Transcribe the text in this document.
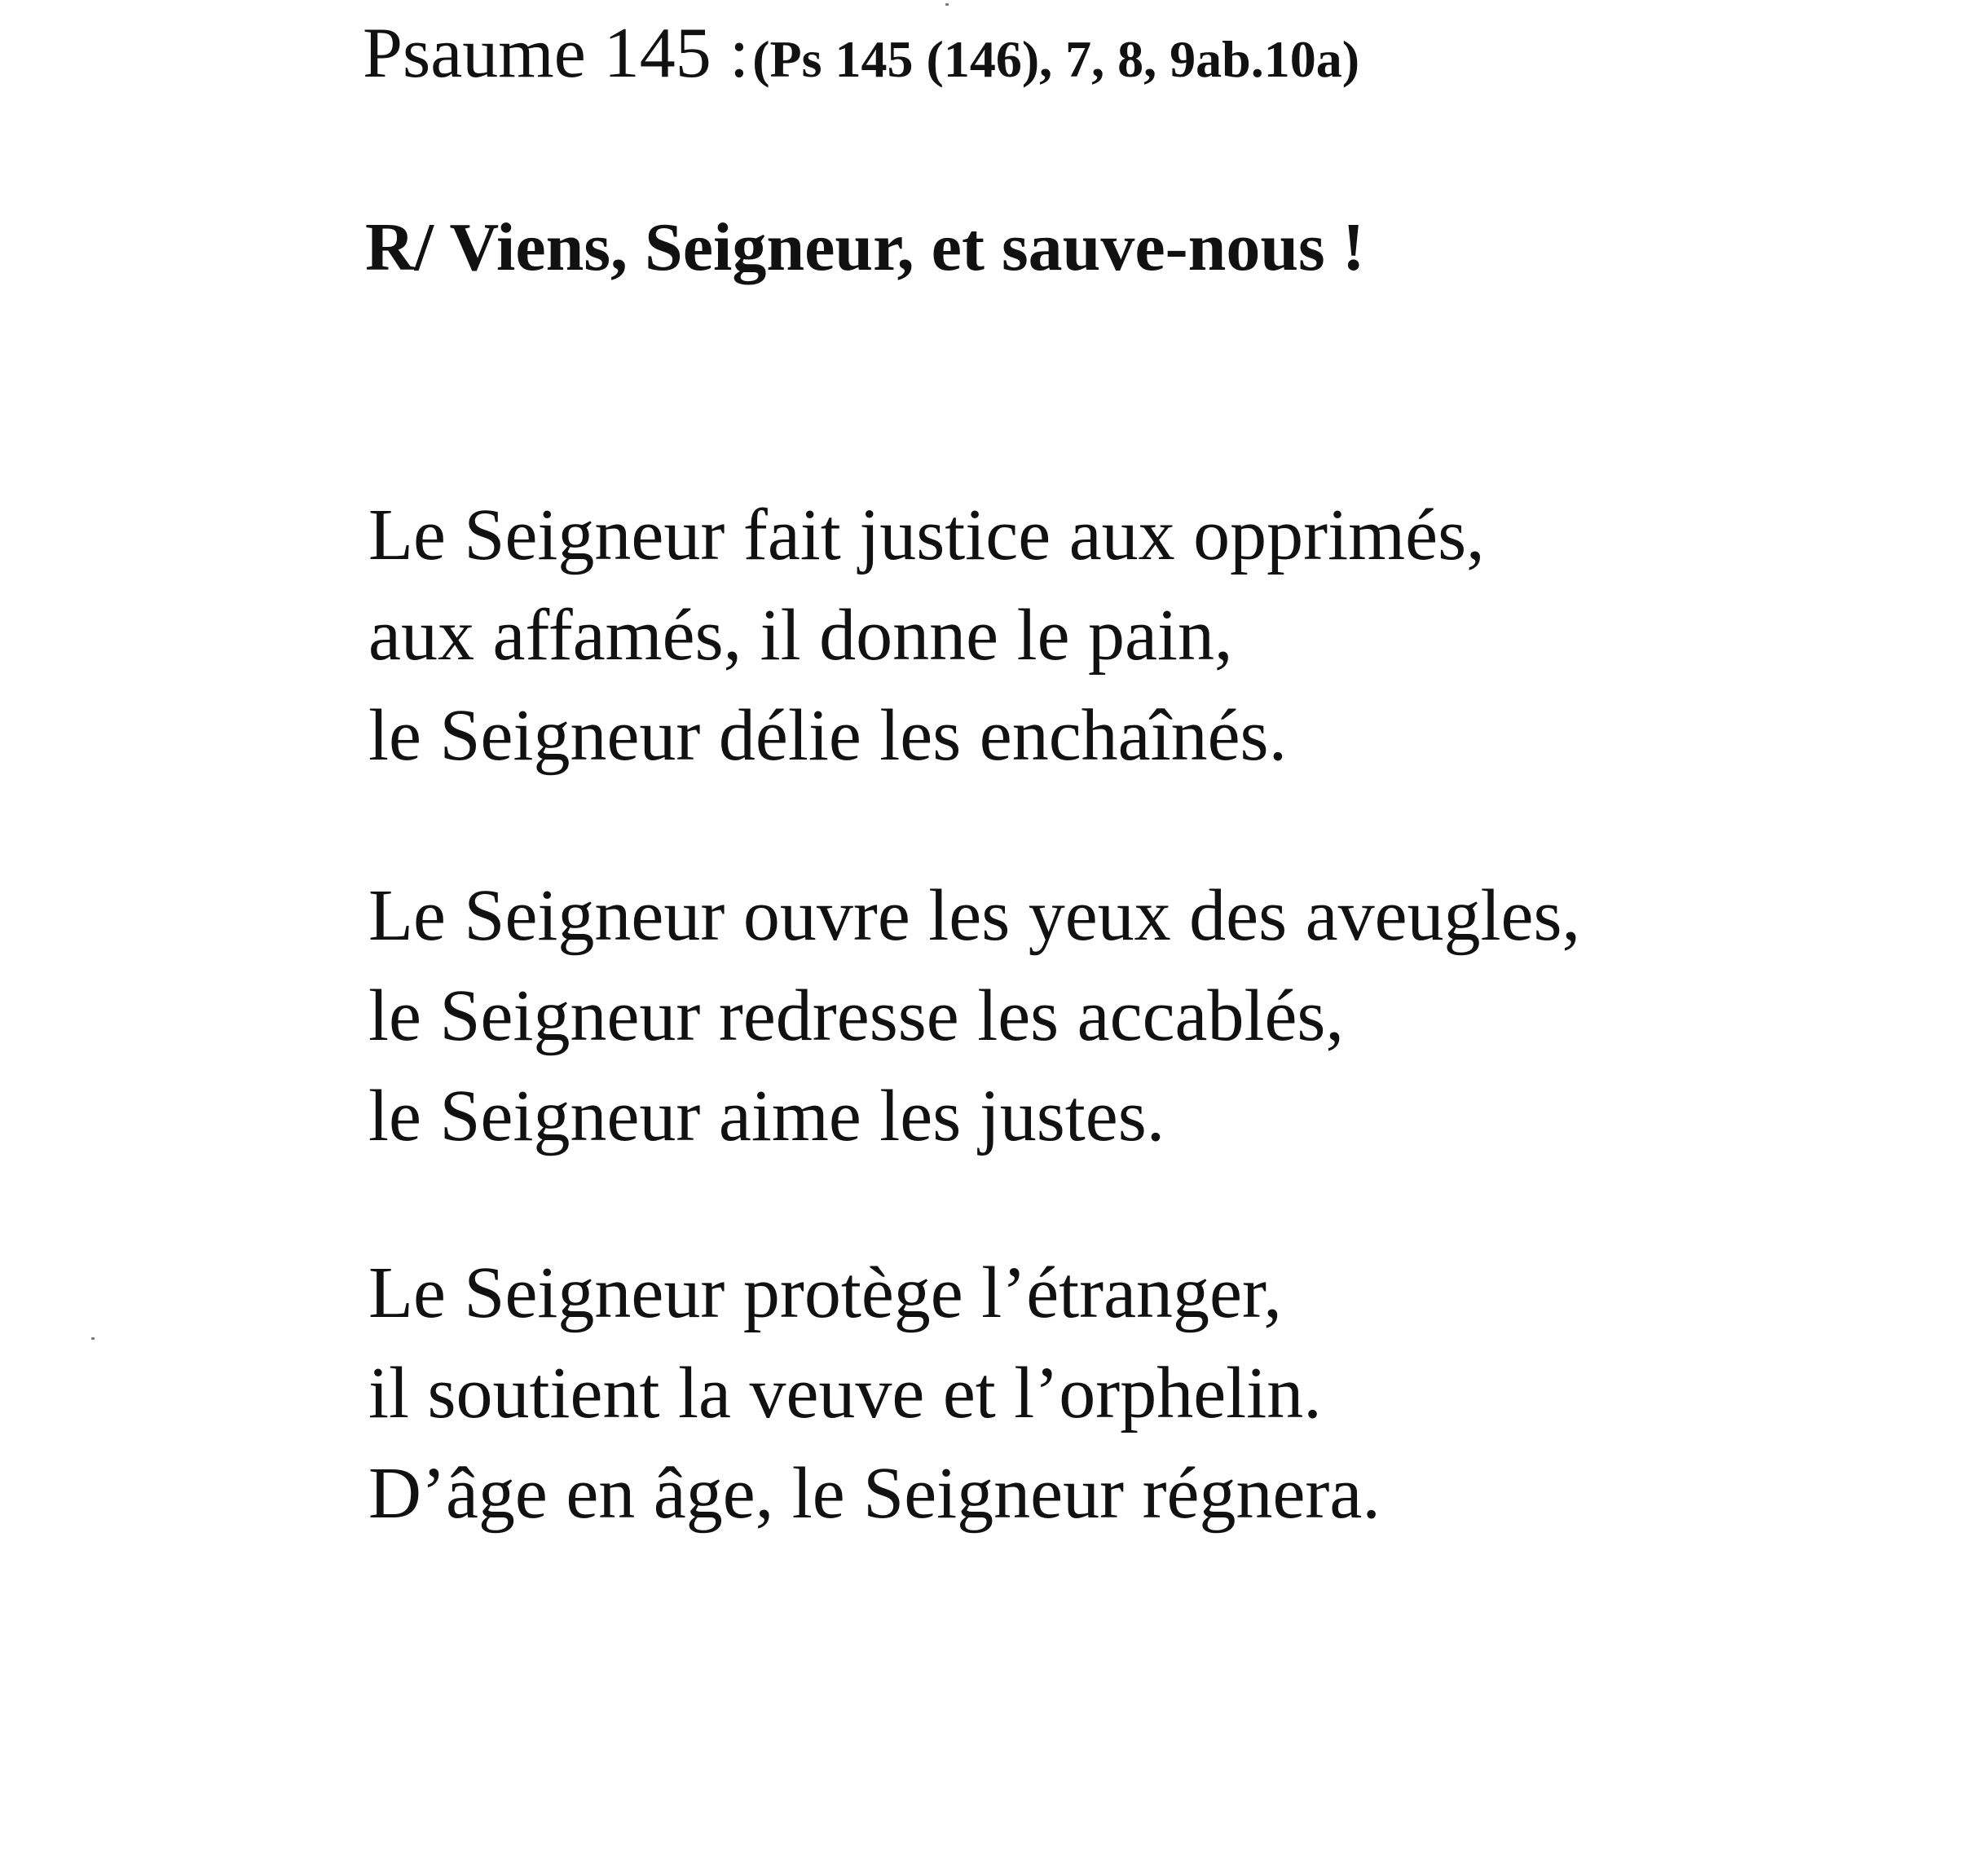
Psaume 145 : (Ps 145 (146), 7, 8, 9ab.10a)
R/ Viens, Seigneur, et sauve-nous !
Le Seigneur fait justice aux opprimés,
aux affamés, il donne le pain,
le Seigneur délie les enchaînés.
Le Seigneur ouvre les yeux des aveugles,
le Seigneur redresse les accablés,
le Seigneur aime les justes.
Le Seigneur protège l’étranger,
il soutient la veuve et l’orphelin.
D’âge en âge, le Seigneur régnera.
